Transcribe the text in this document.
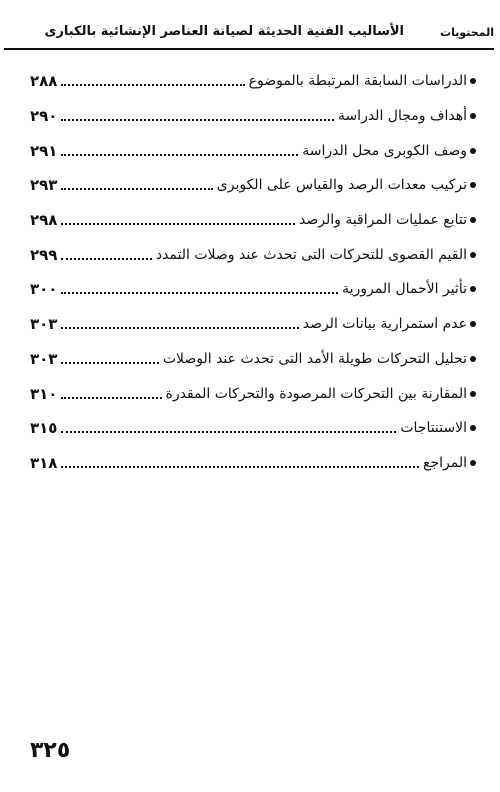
المحتويات
الأساليب الفنية الحديثة لصيانة العناصر الإنشائية بالكبارى
الدراسات السابقة المرتبطة بالموضوع
٢٨٨
أهداف ومجال الدراسة
٢٩٠
وصف الكوبرى محل الدراسة
٢٩١
تركيب معدات الرصد والقياس على الكوبرى
٢٩٣
تتابع عمليات المراقبة والرصد
٢٩٨
القيم القصوى للتحركات التى تحدث عند وصلات التمدد
٢٩٩
تأثير الأحمال المرورية
٣٠٠
عدم استمرارية بيانات الرصد
٣٠٣
تحليل التحركات طويلة الأمد التى تحدث عند الوصلات
٣٠٣
المقارنة بين التحركات المرصودة والتحركات المقدرة
٣١٠
الاستنتاجات
٣١٥
المراجع
٣١٨
٣٢٥
